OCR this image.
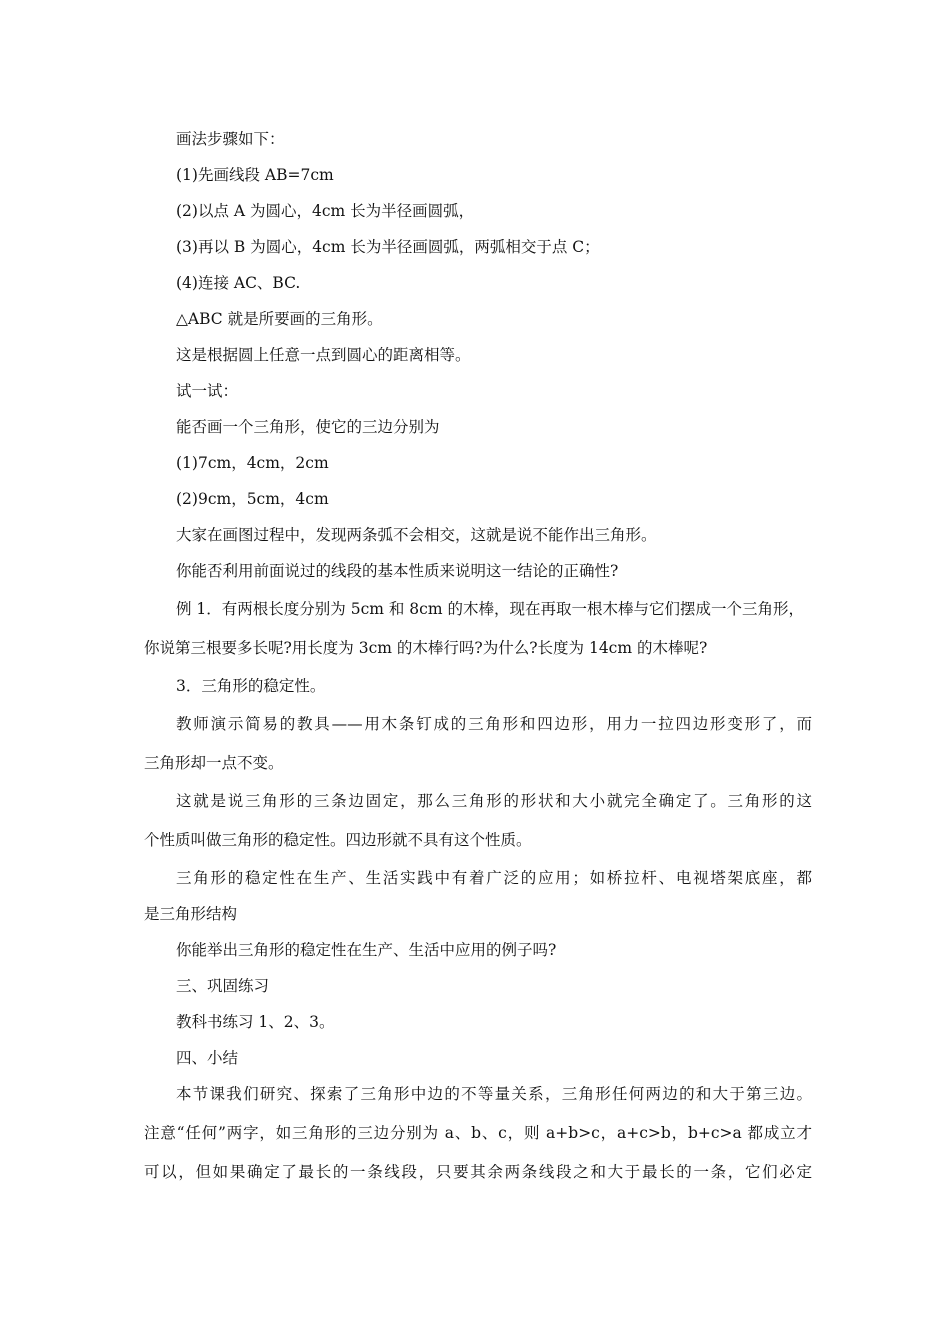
画法步骤如下：

(1)先画线段 AB=7cm

(2)以点 A 为圆心，4cm 长为半径画圆弧，

(3)再以 B 为圆心，4cm 长为半径画圆弧，两弧相交于点 C；

(4)连接 AC、BC.

△ABC 就是所要画的三角形。

这是根据圆上任意一点到圆心的距离相等。

试一试：

能否画一个三角形，使它的三边分别为

(1)7cm，4cm，2cm

(2)9cm，5cm，4cm

大家在画图过程中，发现两条弧不会相交，这就是说不能作出三角形。

你能否利用前面说过的线段的基本性质来说明这一结论的正确性?

例 1．有两根长度分别为 5cm 和 8cm 的木棒，现在再取一根木棒与它们摆成一个三角形，

你说第三根要多长呢?用长度为 3cm 的木棒行吗?为什么?长度为 14cm 的木棒呢?

3．三角形的稳定性。

教师演示简易的教具——用木条钉成的三角形和四边形，用力一拉四边形变形了，而

三角形却一点不变。

这就是说三角形的三条边固定，那么三角形的形状和大小就完全确定了。三角形的这

个性质叫做三角形的稳定性。四边形就不具有这个性质。

三角形的稳定性在生产、生活实践中有着广泛的应用；如桥拉杆、电视塔架底座，都

是三角形结构

你能举出三角形的稳定性在生产、生活中应用的例子吗?

三、巩固练习

教科书练习 1、2、3。

四、小结

本节课我们研究、探索了三角形中边的不等量关系，三角形任何两边的和大于第三边。

注意“任何”两字，如三角形的三边分别为 a、b、c，则 a+b>c，a+c>b，b+c>a 都成立才

可以，但如果确定了最长的一条线段，只要其余两条线段之和大于最长的一条，它们必定
